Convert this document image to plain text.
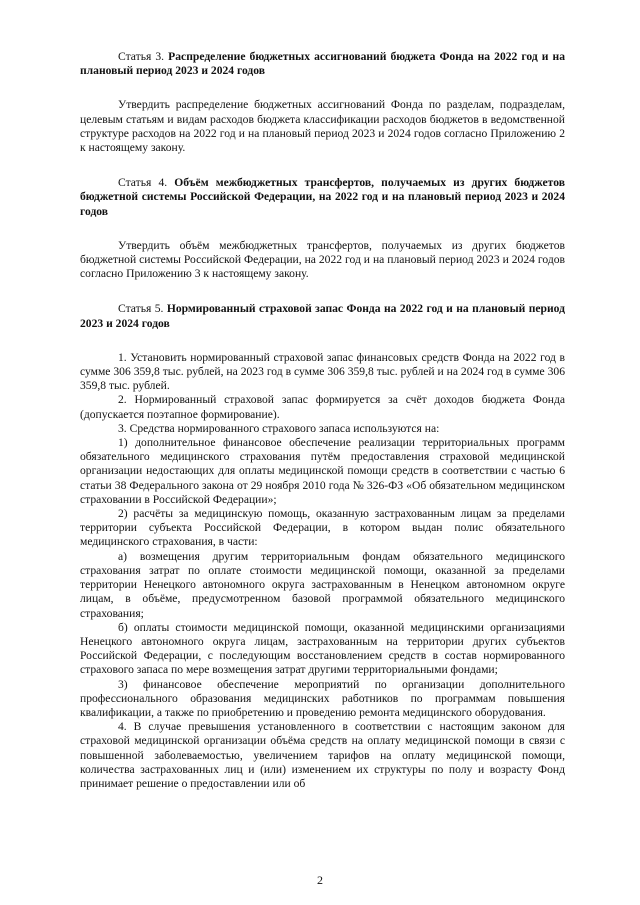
Статья 3. Распределение бюджетных ассигнований бюджета Фонда на 2022 год и на плановый период 2023 и 2024 годов

Утвердить распределение бюджетных ассигнований Фонда по разделам, подразделам, целевым статьям и видам расходов бюджета классификации расходов бюджетов в ведомственной структуре расходов на 2022 год и на плановый период 2023 и 2024 годов согласно Приложению 2 к настоящему закону.

Статья 4. Объём межбюджетных трансфертов, получаемых из других бюджетов бюджетной системы Российской Федерации, на 2022 год и на плановый период 2023 и 2024 годов

Утвердить объём межбюджетных трансфертов, получаемых из других бюджетов бюджетной системы Российской Федерации, на 2022 год и на плановый период 2023 и 2024 годов согласно Приложению 3 к настоящему закону.

Статья 5. Нормированный страховой запас Фонда на 2022 год и на плановый период 2023 и 2024 годов

1. Установить нормированный страховой запас финансовых средств Фонда на 2022 год в сумме 306 359,8 тыс. рублей, на 2023 год в сумме 306 359,8 тыс. рублей и на 2024 год в сумме 306 359,8 тыс. рублей.

2. Нормированный страховой запас формируется за счёт доходов бюджета Фонда (допускается поэтапное формирование).

3. Средства нормированного страхового запаса используются на:

1) дополнительное финансовое обеспечение реализации территориальных программ обязательного медицинского страхования путём предоставления страховой медицинской организации недостающих для оплаты медицинской помощи средств в соответствии с частью 6 статьи 38 Федерального закона от 29 ноября 2010 года № 326-ФЗ «Об обязательном медицинском страховании в Российской Федерации»;

2) расчёты за медицинскую помощь, оказанную застрахованным лицам за пределами территории субъекта Российской Федерации, в котором выдан полис обязательного медицинского страхования, в части:

а) возмещения другим территориальным фондам обязательного медицинского страхования затрат по оплате стоимости медицинской помощи, оказанной за пределами территории Ненецкого автономного округа застрахованным в Ненецком автономном округе лицам, в объёме, предусмотренном базовой программой обязательного медицинского страхования;

б) оплаты стоимости медицинской помощи, оказанной медицинскими организациями Ненецкого автономного округа лицам, застрахованным на территории других субъектов Российской Федерации, с последующим восстановлением средств в состав нормированного страхового запаса по мере возмещения затрат другими территориальными фондами;

3) финансовое обеспечение мероприятий по организации дополнительного профессионального образования медицинских работников по программам повышения квалификации, а также по приобретению и проведению ремонта медицинского оборудования.

4. В случае превышения установленного в соответствии с настоящим законом для страховой медицинской организации объёма средств на оплату медицинской помощи в связи с повышенной заболеваемостью, увеличением тарифов на оплату медицинской помощи, количества застрахованных лиц и (или) изменением их структуры по полу и возрасту Фонд принимает решение о предоставлении или об

2
